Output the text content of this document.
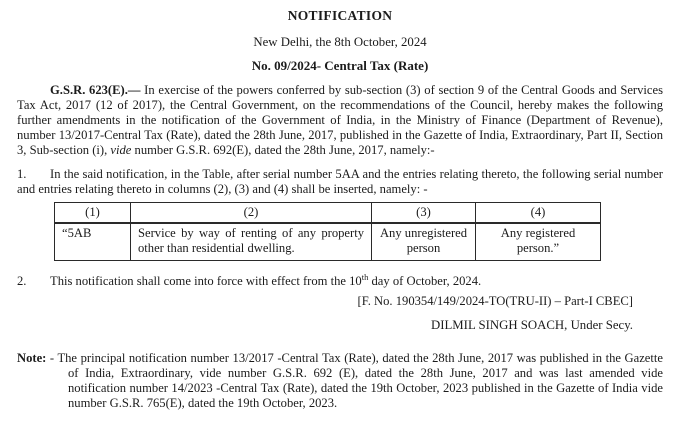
NOTIFICATION
New Delhi, the 8th October, 2024
No. 09/2024- Central Tax (Rate)

G.S.R. 623(E).— In exercise of the powers conferred by sub-section (3) of section 9 of the Central Goods and Services Tax Act, 2017 (12 of 2017), the Central Government, on the recommendations of the Council, hereby makes the following further amendments in the notification of the Government of India, in the Ministry of Finance (Department of Revenue), number 13/2017-Central Tax (Rate), dated the 28th June, 2017, published in the Gazette of India, Extraordinary, Part II, Section 3, Sub-section (i), vide number G.S.R. 692(E), dated the 28th June, 2017, namely:-

1. In the said notification, in the Table, after serial number 5AA and the entries relating thereto, the following serial number and entries relating thereto in columns (2), (3) and (4) shall be inserted, namely: -

(1)	(2)	(3)	(4)
“5AB	Service by way of renting of any property other than residential dwelling.	Any unregistered person	Any registered person.”

2. This notification shall come into force with effect from the 10th day of October, 2024.

[F. No. 190354/149/2024-TO(TRU-II) – Part-I CBEC]
DILMIL SINGH SOACH, Under Secy.

Note: - The principal notification number 13/2017 -Central Tax (Rate), dated the 28th June, 2017 was published in the Gazette of India, Extraordinary, vide number G.S.R. 692 (E), dated the 28th June, 2017 and was last amended vide notification number 14/2023 -Central Tax (Rate), dated the 19th October, 2023 published in the Gazette of India vide number G.S.R. 765(E), dated the 19th October, 2023.
